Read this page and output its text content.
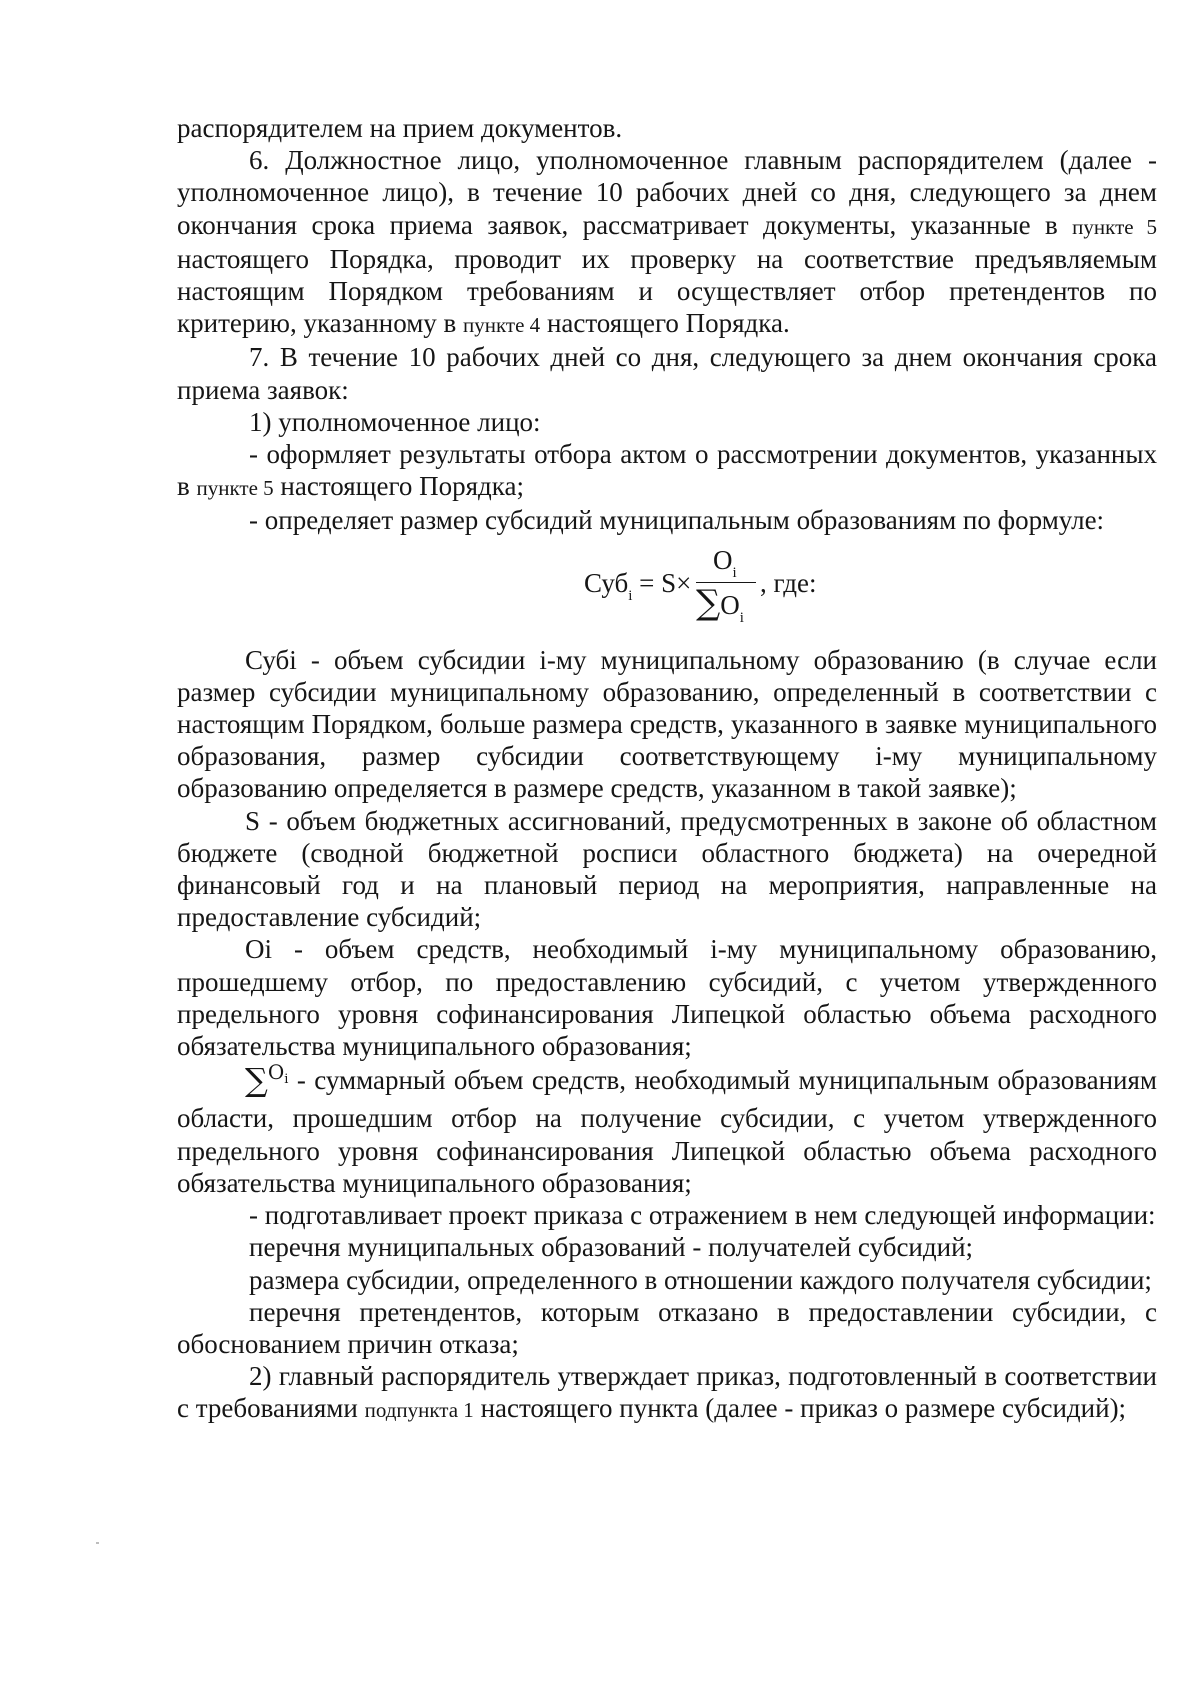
распорядителем на прием документов.

6. Должностное лицо, уполномоченное главным распорядителем (далее - уполномоченное лицо), в течение 10 рабочих дней со дня, следующего за днем окончания срока приема заявок, рассматривает документы, указанные в пункте 5 настоящего Порядка, проводит их проверку на соответствие предъявляемым настоящим Порядком требованиям и осуществляет отбор претендентов по критерию, указанному в пункте 4 настоящего Порядка.

7. В течение 10 рабочих дней со дня, следующего за днем окончания срока приема заявок:

1) уполномоченное лицо:

- оформляет результаты отбора актом о рассмотрении документов, указанных в пункте 5 настоящего Порядка;

- определяет размер субсидий муниципальным образованиям по формуле:

Суб$_i$ = S×
$O_i$
$\sum O_i$
, где:

Субi - объем субсидии i-му муниципальному образованию (в случае если размер субсидии муниципальному образованию, определенный в соответствии с настоящим Порядком, больше размера средств, указанного в заявке муниципального образования, размер субсидии соответствующему i-му муниципальному образованию определяется в размере средств, указанном в такой заявке);

S - объем бюджетных ассигнований, предусмотренных в законе об областном бюджете (сводной бюджетной росписи областного бюджета) на очередной финансовый год и на плановый период на мероприятия, направленные на предоставление субсидий;

Oi - объем средств, необходимый i-му муниципальному образованию, прошедшему отбор, по предоставлению субсидий, с учетом утвержденного предельного уровня софинансирования Липецкой областью объема расходного обязательства муниципального образования;

∑$^{Oi}$ - суммарный объем средств, необходимый муниципальным образованиям области, прошедшим отбор на получение субсидии, с учетом утвержденного предельного уровня софинансирования Липецкой областью объема расходного обязательства муниципального образования;

- подготавливает проект приказа с отражением в нем следующей информации:

перечня муниципальных образований - получателей субсидий;

размера субсидии, определенного в отношении каждого получателя субсидии;

перечня претендентов, которым отказано в предоставлении субсидии, с обоснованием причин отказа;

2) главный распорядитель утверждает приказ, подготовленный в соответствии с требованиями подпункта 1 настоящего пункта (далее - приказ о размере субсидий);
